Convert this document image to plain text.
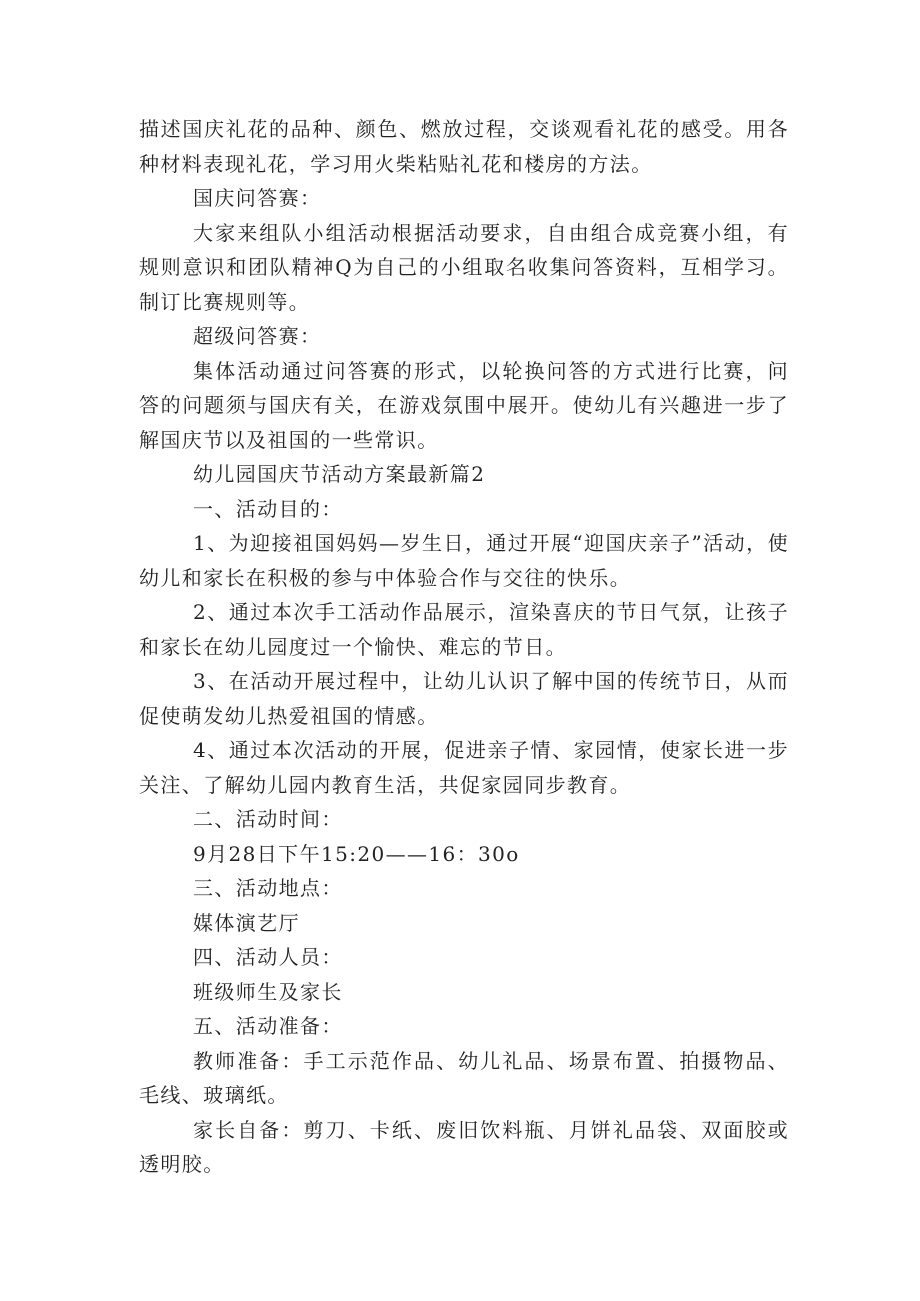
描述国庆礼花的品种、颜色、燃放过程，交谈观看礼花的感受。用各种材料表现礼花，学习用火柴粘贴礼花和楼房的方法。

国庆问答赛：

大家来组队小组活动根据活动要求，自由组合成竞赛小组，有规则意识和团队精神Q为自己的小组取名收集问答资料，互相学习。制订比赛规则等。

超级问答赛：

集体活动通过问答赛的形式，以轮换问答的方式进行比赛，问答的问题须与国庆有关，在游戏氛围中展开。使幼儿有兴趣进一步了解国庆节以及祖国的一些常识。

幼儿园国庆节活动方案最新篇2

一、活动目的：

1、为迎接祖国妈妈—岁生日，通过开展“迎国庆亲子”活动，使幼儿和家长在积极的参与中体验合作与交往的快乐。

2、通过本次手工活动作品展示，渲染喜庆的节日气氛，让孩子和家长在幼儿园度过一个愉快、难忘的节日。

3、在活动开展过程中，让幼儿认识了解中国的传统节日，从而促使萌发幼儿热爱祖国的情感。

4、通过本次活动的开展，促进亲子情、家园情，使家长进一步关注、了解幼儿园内教育生活，共促家园同步教育。

二、活动时间：

9月28日下午15:20——16：30o

三、活动地点：

媒体演艺厅

四、活动人员：

班级师生及家长

五、活动准备：

教师准备：手工示范作品、幼儿礼品、场景布置、拍摄物品、毛线、玻璃纸。

家长自备：剪刀、卡纸、废旧饮料瓶、月饼礼品袋、双面胶或透明胶。
